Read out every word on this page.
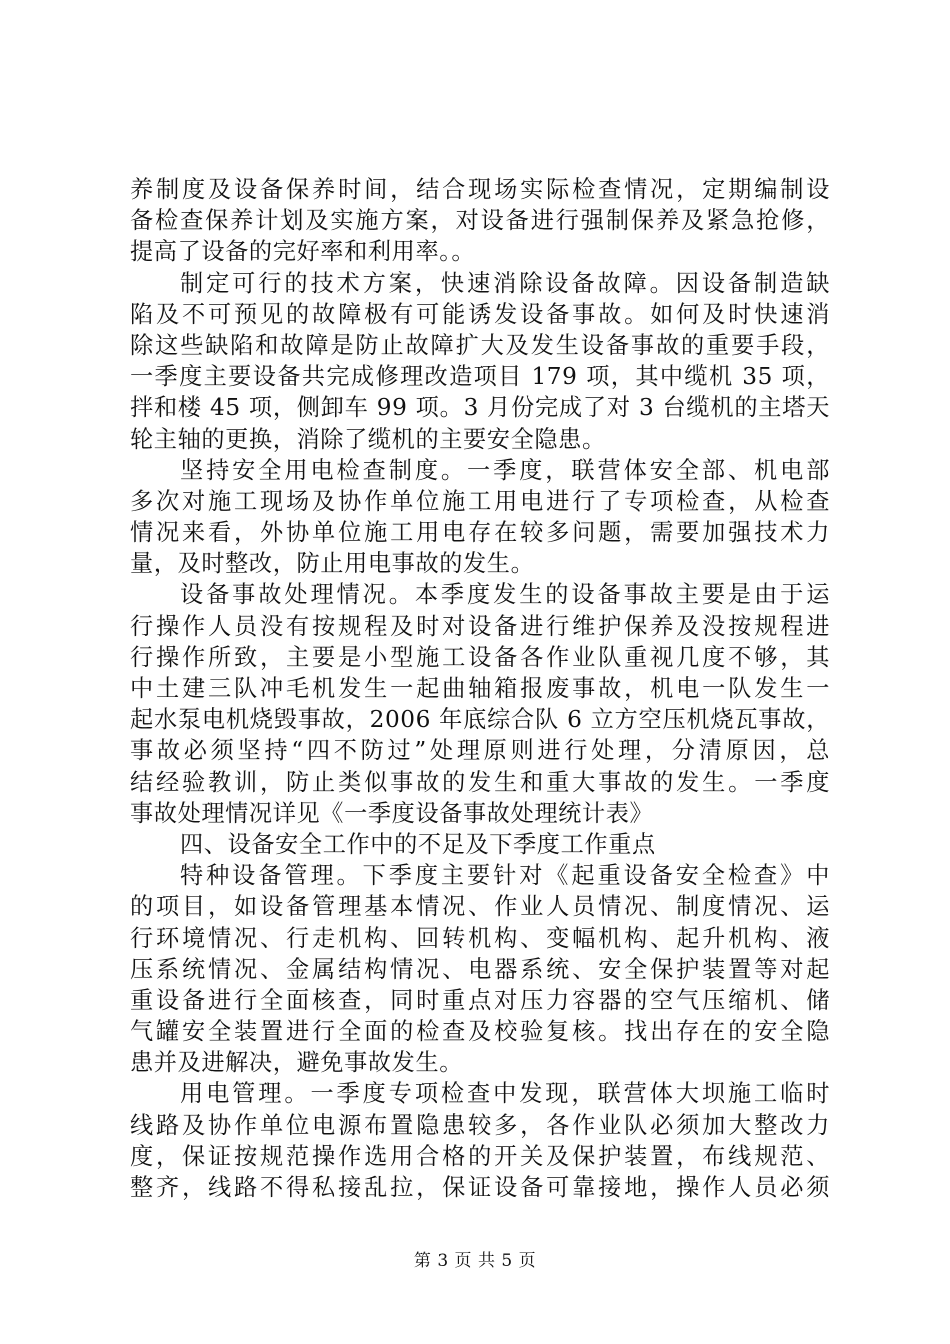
养制度及设备保养时间，结合现场实际检查情况，定期编制设
备检查保养计划及实施方案，对设备进行强制保养及紧急抢修，
提高了设备的完好率和利用率。。
制定可行的技术方案，快速消除设备故障。因设备制造缺
陷及不可预见的故障极有可能诱发设备事故。如何及时快速消
除这些缺陷和故障是防止故障扩大及发生设备事故的重要手段，
一季度主要设备共完成修理改造项目 179 项，其中缆机 35 项，
拌和楼 45 项，侧卸车 99 项。3 月份完成了对 3 台缆机的主塔天
轮主轴的更换，消除了缆机的主要安全隐患。
坚持安全用电检查制度。一季度，联营体安全部、机电部
多次对施工现场及协作单位施工用电进行了专项检查，从检查
情况来看，外协单位施工用电存在较多问题，需要加强技术力
量，及时整改，防止用电事故的发生。
设备事故处理情况。本季度发生的设备事故主要是由于运
行操作人员没有按规程及时对设备进行维护保养及没按规程进
行操作所致，主要是小型施工设备各作业队重视几度不够，其
中土建三队冲毛机发生一起曲轴箱报废事故，机电一队发生一
起水泵电机烧毁事故，2006 年底综合队 6 立方空压机烧瓦事故，
事故必须坚持“四不防过”处理原则进行处理，分清原因，总
结经验教训，防止类似事故的发生和重大事故的发生。一季度
事故处理情况详见《一季度设备事故处理统计表》
四、设备安全工作中的不足及下季度工作重点
特种设备管理。下季度主要针对《起重设备安全检查》中
的项目，如设备管理基本情况、作业人员情况、制度情况、运
行环境情况、行走机构、回转机构、变幅机构、起升机构、液
压系统情况、金属结构情况、电器系统、安全保护装置等对起
重设备进行全面核查，同时重点对压力容器的空气压缩机、储
气罐安全装置进行全面的检查及校验复核。找出存在的安全隐
患并及进解决，避免事故发生。
用电管理。一季度专项检查中发现，联营体大坝施工临时
线路及协作单位电源布置隐患较多，各作业队必须加大整改力
度，保证按规范操作选用合格的开关及保护装置，布线规范、
整齐，线路不得私接乱拉，保证设备可靠接地，操作人员必须
第 3 页 共 5 页
